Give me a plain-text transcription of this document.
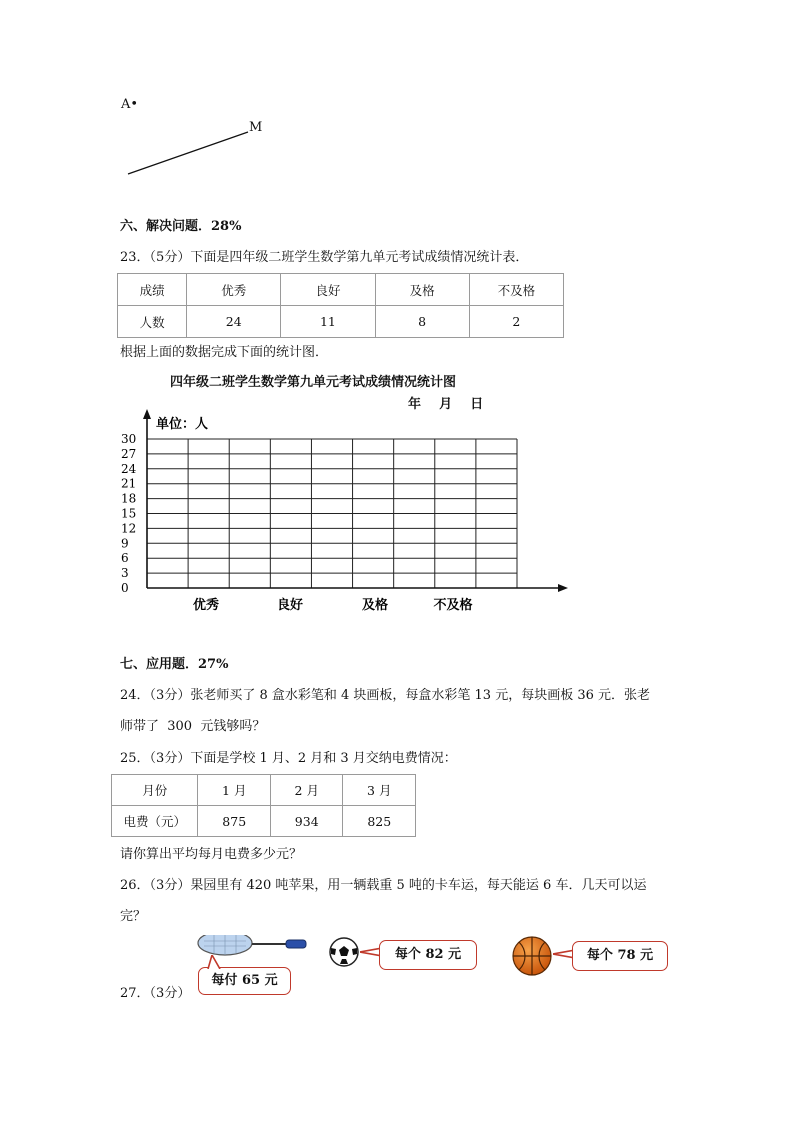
A•
M
六、解决问题．28%
23．（5分）下面是四年级二班学生数学第九单元考试成绩情况统计表．
成绩	优秀	良好	及格	不及格
人数	24	11	8	2
根据上面的数据完成下面的统计图．
四年级二班学生数学第九单元考试成绩情况统计图
年    月    日
单位：人
30
27
24
21
18
15
12
9
6
3
0
优秀	良好	及格	不及格
七、应用题．27%
24．（3分）张老师买了 8 盒水彩笔和 4 块画板，每盒水彩笔 13 元，每块画板 36 元．张老
师带了  300  元钱够吗？
25．（3分）下面是学校 1 月、2 月和 3 月交纳电费情况：
月份	1 月	2 月	3 月
电费（元）	875	934	825
请你算出平均每月电费多少元？
26．（3分）果园里有 420 吨苹果，用一辆载重 5 吨的卡车运，每天能运 6 车．几天可以运
完？
每付 65 元
每个 82 元	每个 78 元
27．（3分）
